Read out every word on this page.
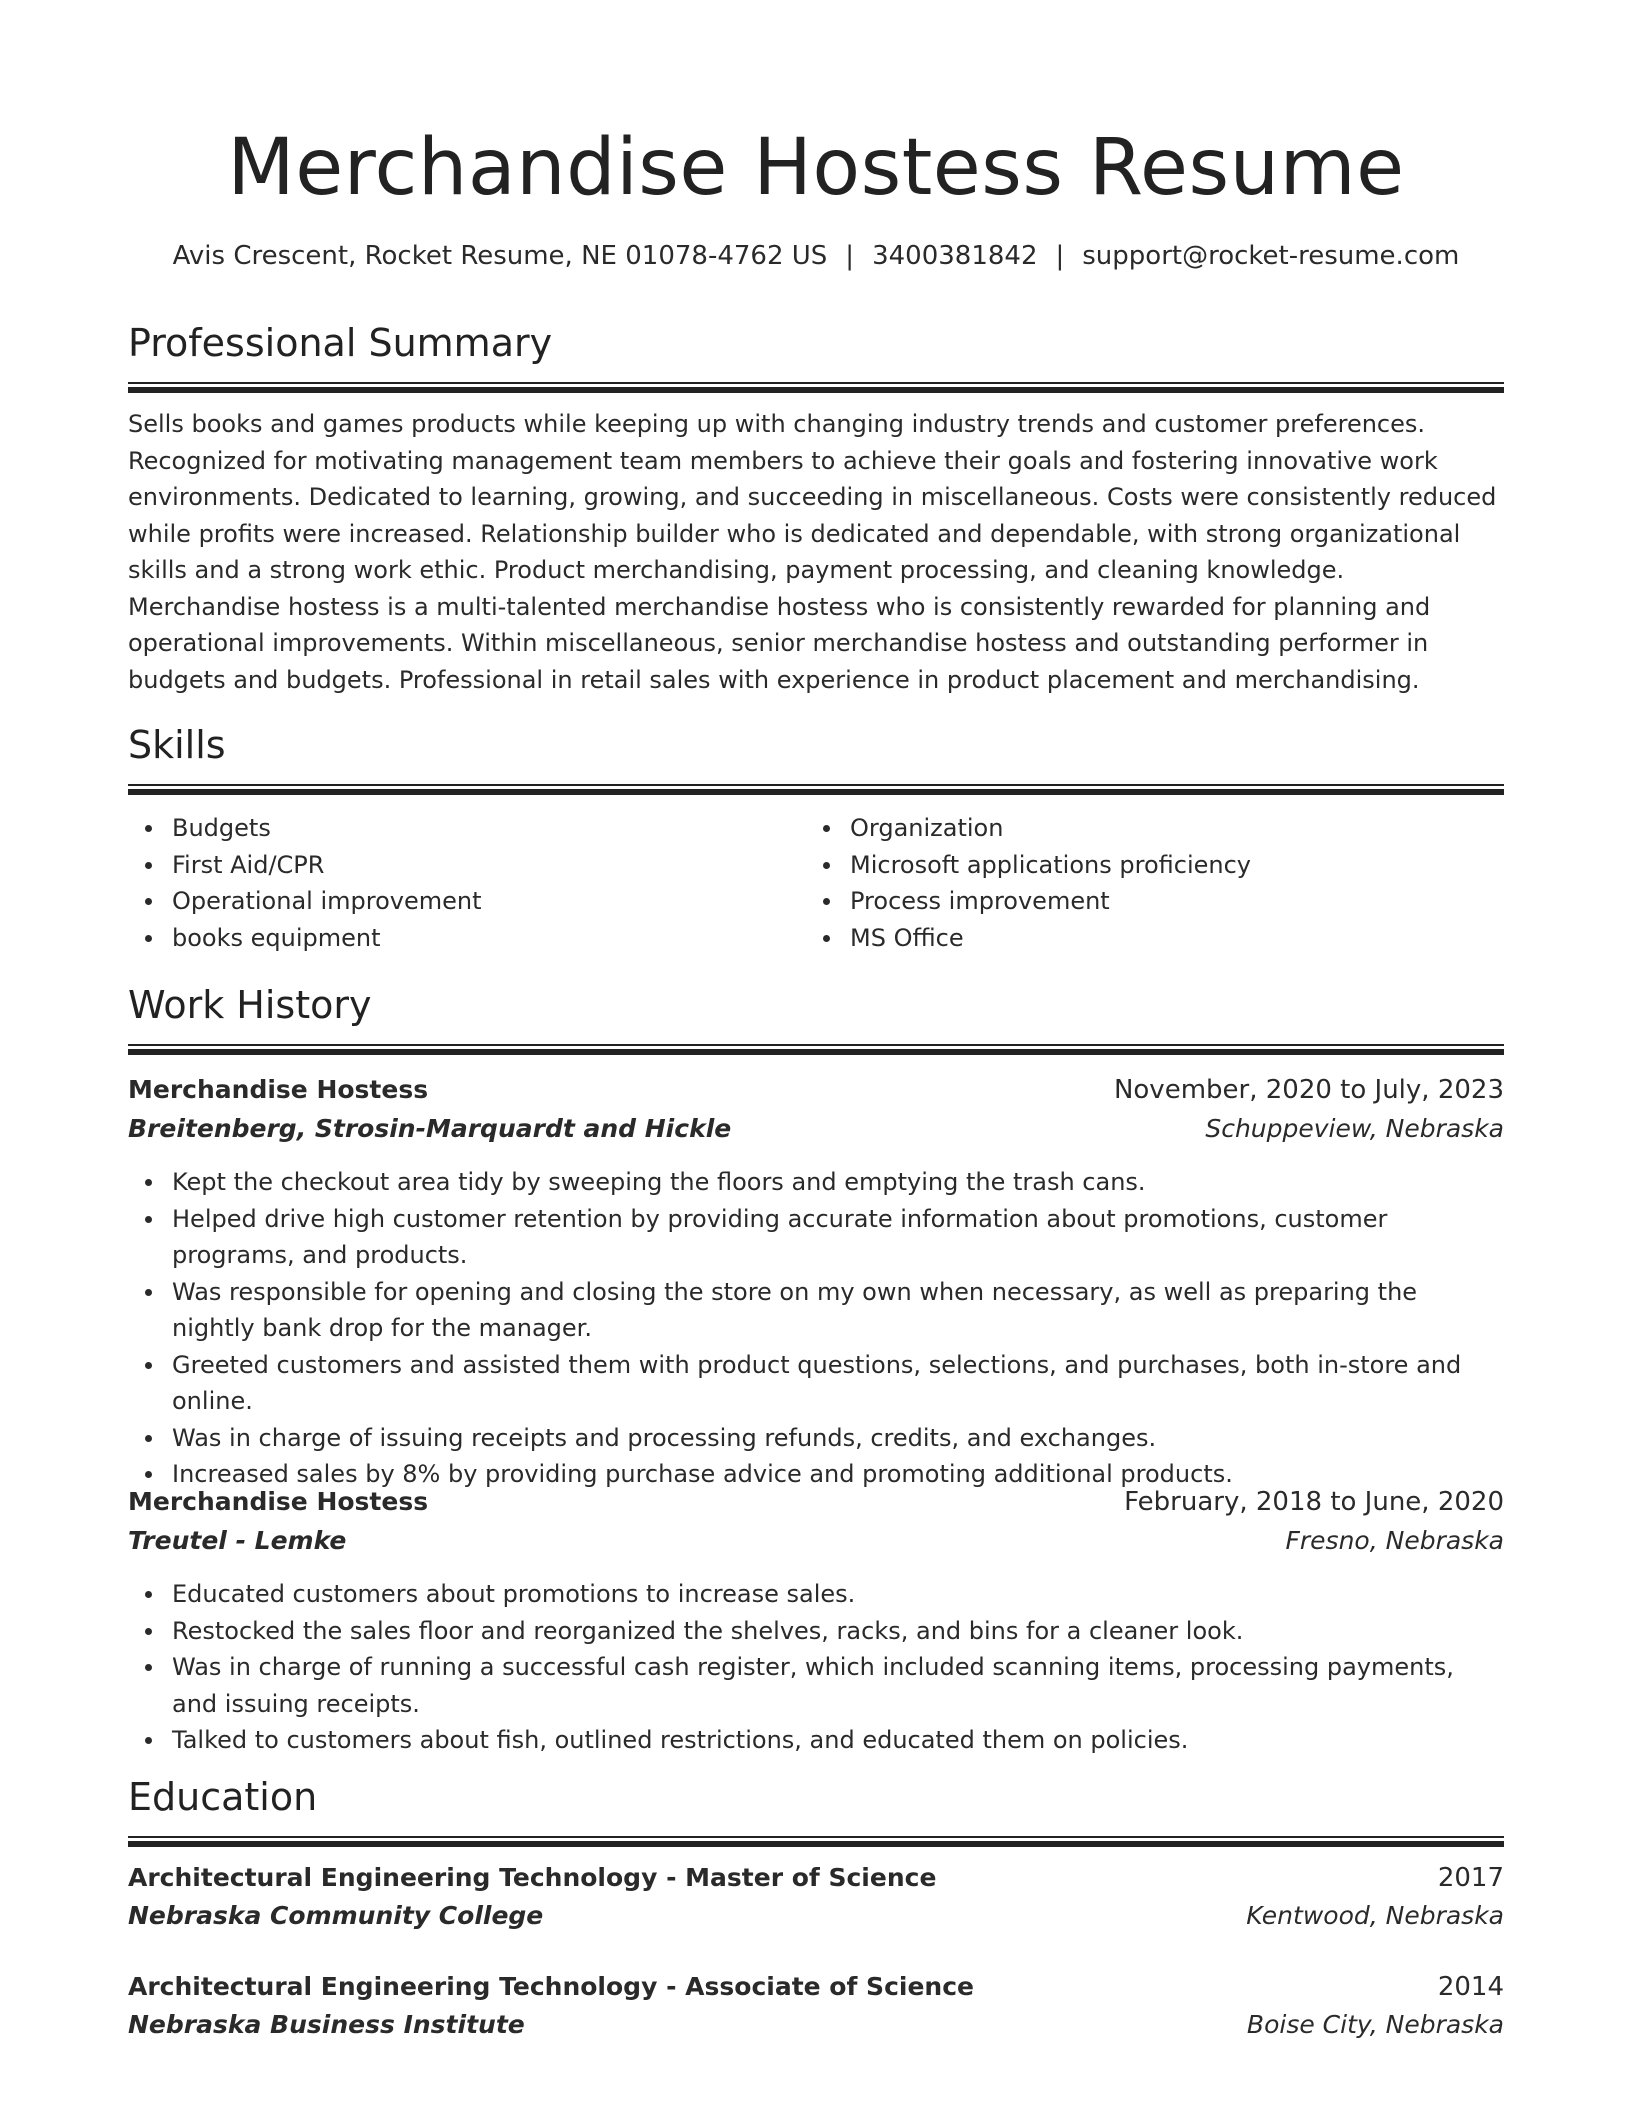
Merchandise Hostess Resume
Avis Crescent, Rocket Resume, NE 01078-4762 US | 3400381842 | support@rocket-resume.com
Professional Summary

Sells books and games products while keeping up with changing industry trends and customer preferences. Recognized for motivating management team members to achieve their goals and fostering innovative work environments. Dedicated to learning, growing, and succeeding in miscellaneous. Costs were consistently reduced while profits were increased. Relationship builder who is dedicated and dependable, with strong organizational skills and a strong work ethic. Product merchandising, payment processing, and cleaning knowledge. Merchandise hostess is a multi-talented merchandise hostess who is consistently rewarded for planning and operational improvements. Within miscellaneous, senior merchandise hostess and outstanding performer in budgets and budgets. Professional in retail sales with experience in product placement and merchandising.

Skills
Budgets
First Aid/CPR
Operational improvement
books equipment
Organization
Microsoft applications proficiency
Process improvement
MS Office
Work History
Merchandise Hostess	November, 2020 to July, 2023
Breitenberg, Strosin-Marquardt and Hickle	Schuppeview, Nebraska
Kept the checkout area tidy by sweeping the floors and emptying the trash cans.
Helped drive high customer retention by providing accurate information about promotions, customer programs, and products.
Was responsible for opening and closing the store on my own when necessary, as well as preparing the nightly bank drop for the manager.
Greeted customers and assisted them with product questions, selections, and purchases, both in-store and online.
Was in charge of issuing receipts and processing refunds, credits, and exchanges.
Increased sales by 8% by providing purchase advice and promoting additional products.
Merchandise Hostess	February, 2018 to June, 2020
Treutel - Lemke	Fresno, Nebraska
Educated customers about promotions to increase sales.
Restocked the sales floor and reorganized the shelves, racks, and bins for a cleaner look.
Was in charge of running a successful cash register, which included scanning items, processing payments, and issuing receipts.
Talked to customers about fish, outlined restrictions, and educated them on policies.
Education
Architectural Engineering Technology - Master of Science	2017
Nebraska Community College	Kentwood, Nebraska
Architectural Engineering Technology - Associate of Science	2014
Nebraska Business Institute	Boise City, Nebraska
